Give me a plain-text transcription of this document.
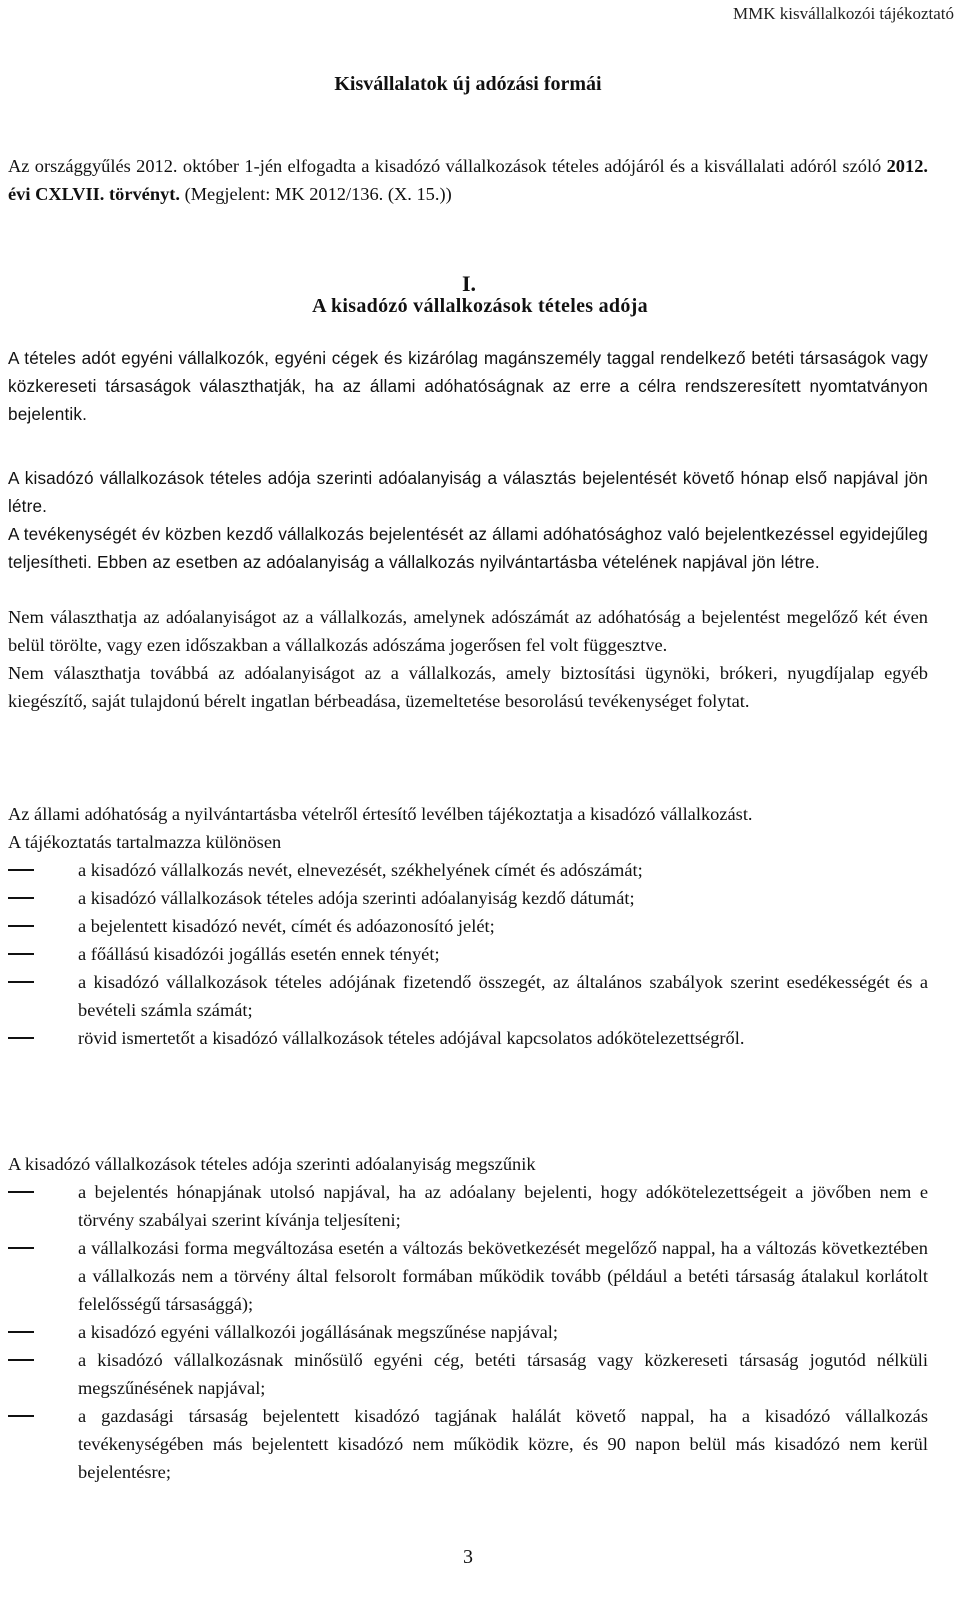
MMK kisvállalkozói tájékoztató
Kisvállalatok új adózási formái

Az országgyűlés 2012. október 1-jén elfogadta a kisadózó vállalkozások tételes adójáról és a kisvállalati adóról szóló 2012. évi CXLVII. törvényt. (Megjelent: MK 2012/136. (X. 15.))

I.
A kisadózó vállalkozások tételes adója

A tételes adót egyéni vállalkozók, egyéni cégek és kizárólag magánszemély taggal rendelkező betéti társaságok vagy közkereseti társaságok választhatják, ha az állami adóhatóságnak az erre a célra rendszeresített nyomtatványon bejelentik.

A kisadózó vállalkozások tételes adója szerinti adóalanyiság a választás bejelentését követő hónap első napjával jön létre.

A tevékenységét év közben kezdő vállalkozás bejelentését az állami adóhatósághoz való bejelentkezéssel egyidejűleg teljesítheti. Ebben az esetben az adóalanyiság a vállalkozás nyilvántartásba vételének napjával jön létre.

Nem választhatja az adóalanyiságot az a vállalkozás, amelynek adószámát az adóhatóság a bejelentést megelőző két éven belül törölte, vagy ezen időszakban a vállalkozás adószáma jogerősen fel volt függesztve.

Nem választhatja továbbá az adóalanyiságot az a vállalkozás, amely biztosítási ügynöki, brókeri, nyugdíjalap egyéb kiegészítő, saját tulajdonú bérelt ingatlan bérbeadása, üzemeltetése besorolású tevékenységet folytat.

Az állami adóhatóság a nyilvántartásba vételről értesítő levélben tájékoztatja a kisadózó vállalkozást.

A tájékoztatás tartalmazza különösen

a kisadózó vállalkozás nevét, elnevezését, székhelyének címét és adószámát;
a kisadózó vállalkozások tételes adója szerinti adóalanyiság kezdő dátumát;
a bejelentett kisadózó nevét, címét és adóazonosító jelét;
a főállású kisadózói jogállás esetén ennek tényét;
a kisadózó vállalkozások tételes adójának fizetendő összegét, az általános szabályok szerint esedékességét és a bevételi számla számát;
rövid ismertetőt a kisadózó vállalkozások tételes adójával kapcsolatos adókötelezettségről.

A kisadózó vállalkozások tételes adója szerinti adóalanyiság megszűnik

a bejelentés hónapjának utolsó napjával, ha az adóalany bejelenti, hogy adókötelezettségeit a jövőben nem e törvény szabályai szerint kívánja teljesíteni;
a vállalkozási forma megváltozása esetén a változás bekövetkezését megelőző nappal, ha a változás következtében a vállalkozás nem a törvény által felsorolt formában működik tovább (például a betéti társaság átalakul korlátolt felelősségű társasággá);
a kisadózó egyéni vállalkozói jogállásának megszűnése napjával;
a kisadózó vállalkozásnak minősülő egyéni cég, betéti társaság vagy közkereseti társaság jogutód nélküli megszűnésének napjával;
a gazdasági társaság bejelentett kisadózó tagjának halálát követő nappal, ha a kisadózó vállalkozás tevékenységében más bejelentett kisadózó nem működik közre, és 90 napon belül más kisadózó nem kerül bejelentésre;
3
